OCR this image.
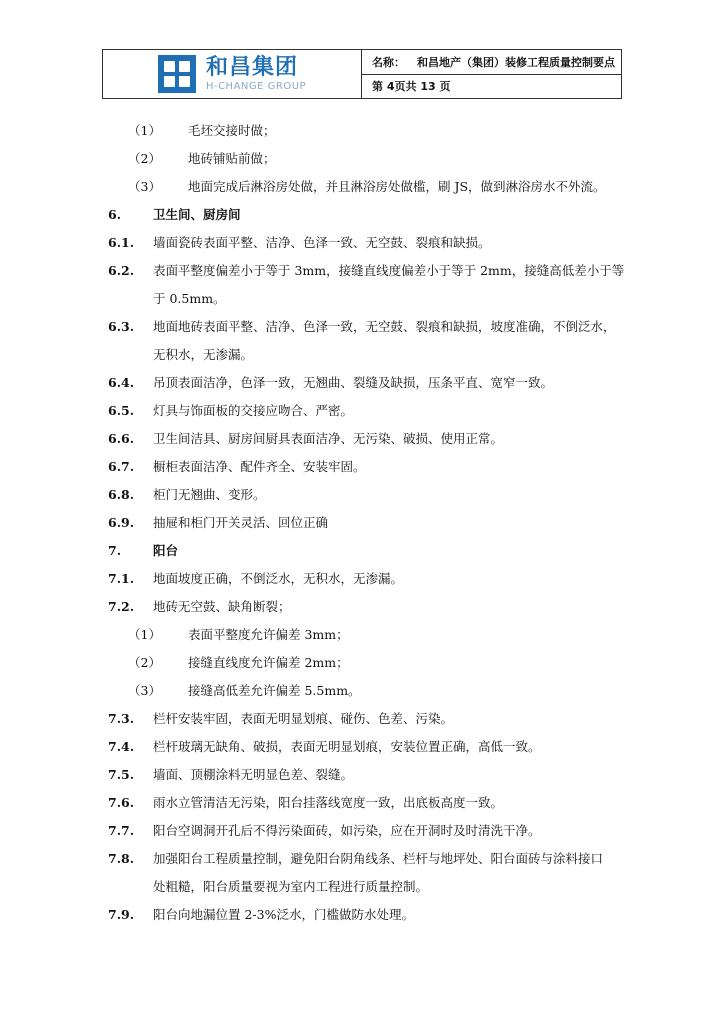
和昌集团
H-CHANGE GROUP
名称： 和昌地产（集团）装修工程质量控制要点
第 4页共 13 页
（1）	毛坯交接时做；
（2）	地砖铺贴前做；
（3）	地面完成后淋浴房处做，并且淋浴房处做槛，刷 JS，做到淋浴房水不外流。
6.	卫生间、厨房间
6.1.	墙面瓷砖表面平整、洁净、色泽一致、无空鼓、裂痕和缺损。
6.2.	表面平整度偏差小于等于 3mm，接缝直线度偏差小于等于 2mm，接缝高低差小于等
于 0.5mm。
6.3.	地面地砖表面平整、洁净、色泽一致，无空鼓、裂痕和缺损，坡度准确，不倒泛水，
无积水，无渗漏。
6.4.	吊顶表面洁净，色泽一致，无翘曲、裂缝及缺损，压条平直、宽窄一致。
6.5.	灯具与饰面板的交接应吻合、严密。
6.6.	卫生间洁具、厨房间厨具表面洁净、无污染、破损、使用正常。
6.7.	橱柜表面洁净、配件齐全、安装牢固。
6.8.	柜门无翘曲、变形。
6.9.	抽屉和柜门开关灵活、回位正确
7.	阳台
7.1.	地面坡度正确，不倒泛水，无积水，无渗漏。
7.2.	地砖无空鼓、缺角断裂；
（1）	表面平整度允许偏差 3mm；
（2）	接缝直线度允许偏差 2mm；
（3）	接缝高低差允许偏差 5.5mm。
7.3.	栏杆安装牢固，表面无明显划痕、碰伤、色差、污染。
7.4.	栏杆玻璃无缺角、破损，表面无明显划痕，安装位置正确，高低一致。
7.5.	墙面、顶棚涂料无明显色差、裂缝。
7.6.	雨水立管清洁无污染，阳台挂落线宽度一致，出底板高度一致。
7.7.	阳台空调洞开孔后不得污染面砖，如污染，应在开洞时及时清洗干净。
7.8.	加强阳台工程质量控制，避免阳台阴角线条、栏杆与地坪处、阳台面砖与涂料接口
处粗糙，阳台质量要视为室内工程进行质量控制。
7.9.	阳台向地漏位置 2-3%泛水，门槛做防水处理。
